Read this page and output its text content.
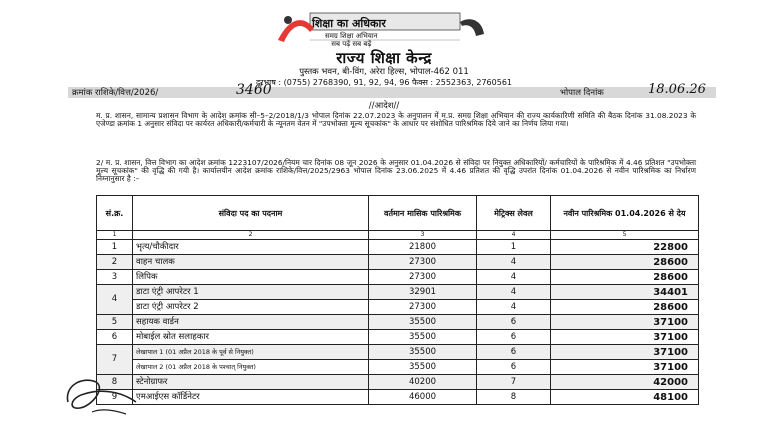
शिक्षा का अधिकार
समग्र शिक्षा अभियान
सब पढ़ें सब बढ़ें
राज्य शिक्षा केन्द्र
पुस्तक भवन, बी-विंग, अरेरा हिल्स, भोपाल-462 011
दूरभाष : (0755) 2768390, 91, 92, 94, 96 फैक्स : 2552363, 2760561
क्रमांक राशिके/वित्त/2026/	3460	भोपाल दिनांक	18.06.26
//आदेश//
म. प्र. शासन, सामान्य प्रशासन विभाग के आदेश क्रमांक सी–5–2/2018/1/3 भोपाल दिनांक 22.07.2023 के अनुपालन में म.प्र. समग्र शिक्षा अभियान की राज्य कार्यकारिणी समिति की बैठक दिनांक 31.08.2023 के एजेण्डा क्रमांक 1 अनुसार संविदा पर कार्यरत अधिकारी/कर्मचारी के न्यूनतम वेतन में "उपभोक्ता मूल्य सूचकांक" के आधार पर संशोधित पारिश्रमिक दिये जाने का निर्णय लिया गया।
2/ म. प्र. शासन, वित्त विभाग का आदेश क्रमांक 1223107/2026/नियम चार दिनांक 08 जून 2026 के अनुसार 01.04.2026 से संविदा पर नियुक्त अधिकारियों/ कर्मचारियों के पारिश्रमिक में 4.46 प्रतिशत "उपभोक्ता मूल्य सूचकांक" की वृद्धि की गयी है। कार्यालयीन आदेश क्रमांक राशिके/वित्त/2025/2963 भोपाल दिनांक 23.06.2025 में 4.46 प्रतिशत की वृद्धि उपरांत दिनांक 01.04.2026 से नवीन पारिश्रमिक का निर्धारण निम्नानुसार है :–
सं.क्र.	संविदा पद का पदनाम	वर्तमान मासिक पारिश्रमिक	मेट्रिक्स लेवल	नवीन पारिश्रमिक 01.04.2026 से देय
1	2	3	4	5
1	भृत्य/चौकीदार	21800	1	22800
2	वाहन चालक	27300	4	28600
3	लिपिक	27300	4	28600
4	डाटा एंट्री आपरेटर 1	32901	4	34401
	डाटा एंट्री आपरेटर 2	27300	4	28600
5	सहायक वार्डन	35500	6	37100
6	मोबाईल स्रोत सलाहकार	35500	6	37100
7	लेखापाल 1 (01 अप्रैल 2018 के पूर्व से नियुक्त)	35500	6	37100
	लेखापाल 2 (01 अप्रैल 2018 के पश्चात् नियुक्त)	35500	6	37100
8	स्टेनोग्राफर	40200	7	42000
9	एमआईएस कॉर्डिनेटर	46000	8	48100
